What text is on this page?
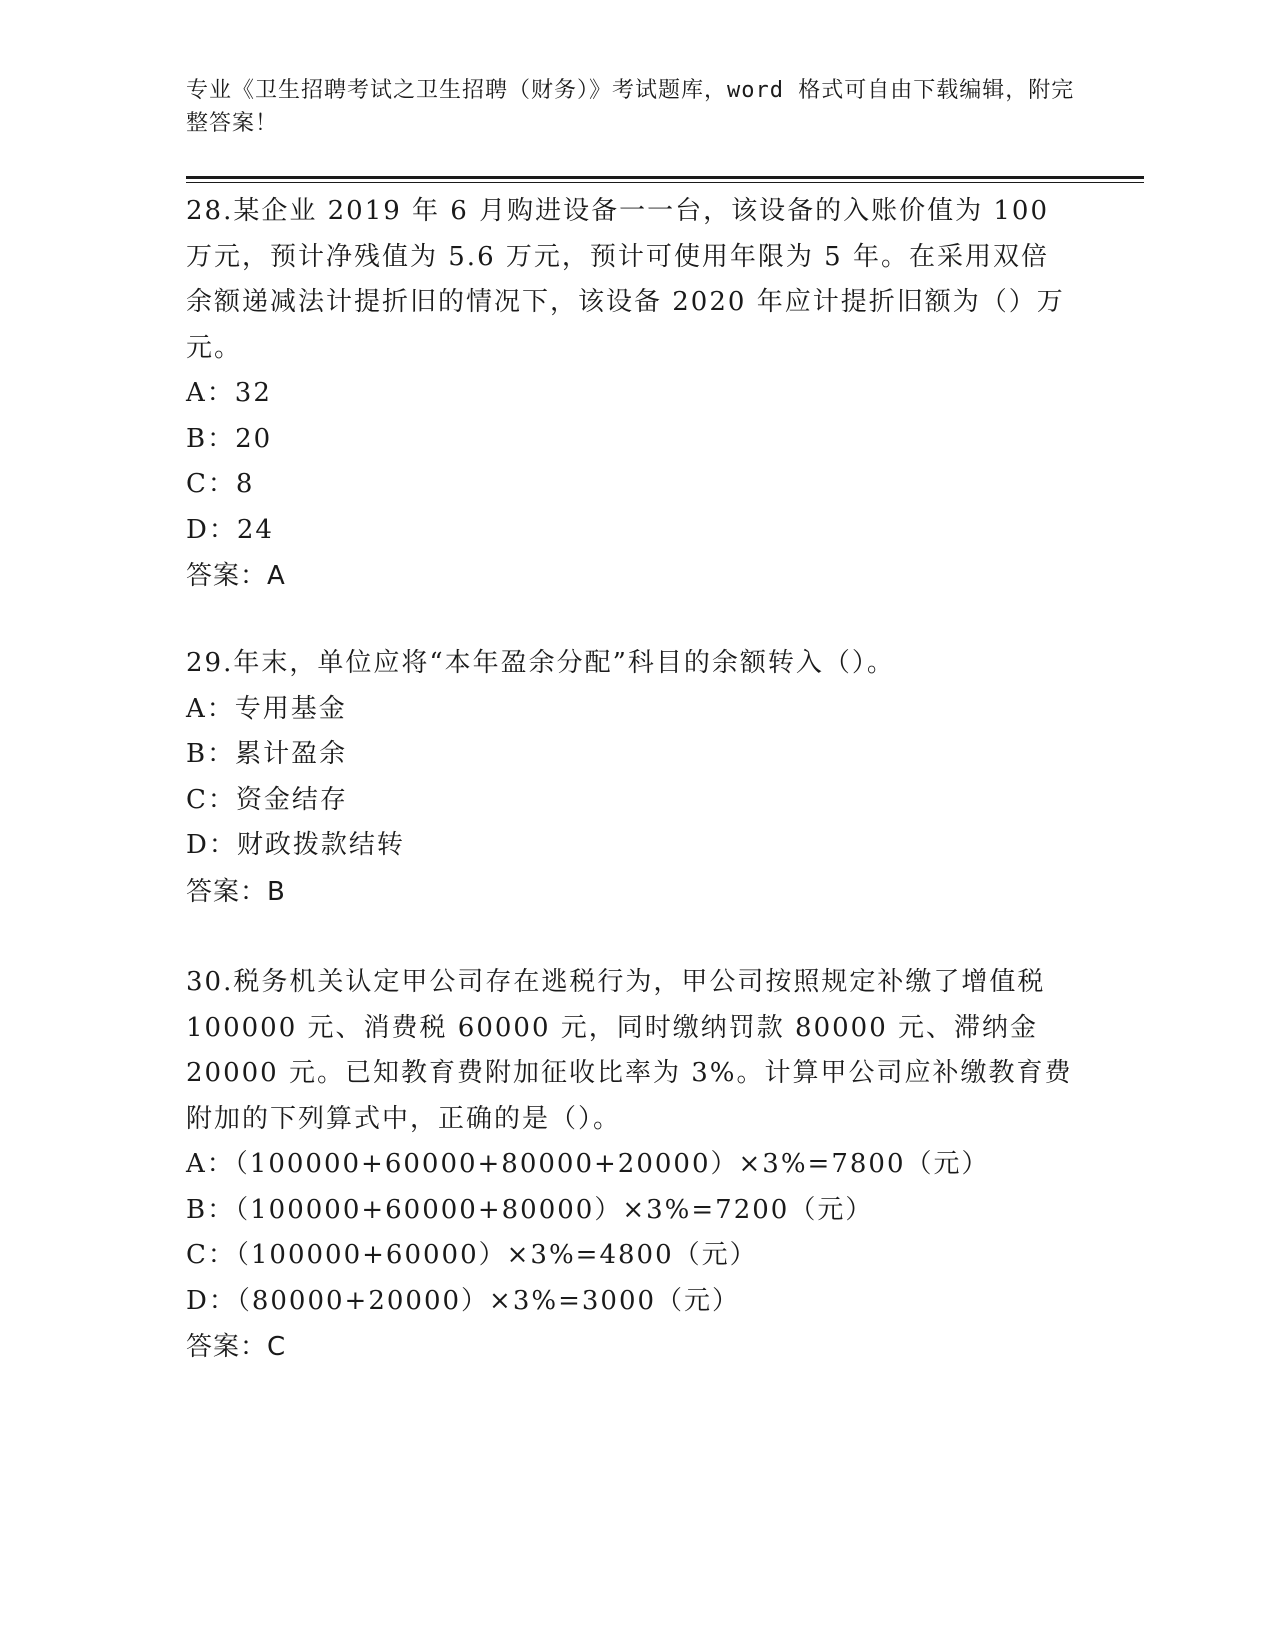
专业《卫生招聘考试之卫生招聘（财务）》考试题库，word 格式可自由下载编辑，附完整答案！

28.某企业 2019 年 6 月购进设备一一台，该设备的入账价值为 100 万元，预计净残值为 5.6 万元，预计可使用年限为 5 年。在采用双倍余额递减法计提折旧的情况下，该设备 2020 年应计提折旧额为（）万元。

A：32

B：20

C：8

D：24

答案：A

29.年末，单位应将“本年盈余分配”科目的余额转入（）。

A：专用基金

B：累计盈余

C：资金结存

D：财政拨款结转

答案：B

30.税务机关认定甲公司存在逃税行为，甲公司按照规定补缴了增值税 100000 元、消费税 60000 元，同时缴纳罚款 80000 元、滞纳金 20000 元。已知教育费附加征收比率为 3%。计算甲公司应补缴教育费附加的下列算式中，正确的是（）。

A：（100000+60000+80000+20000）×3%=7800（元）

B：（100000+60000+80000）×3%=7200（元）

C：（100000+60000）×3%=4800（元）

D：（80000+20000）×3%=3000（元）

答案：C
